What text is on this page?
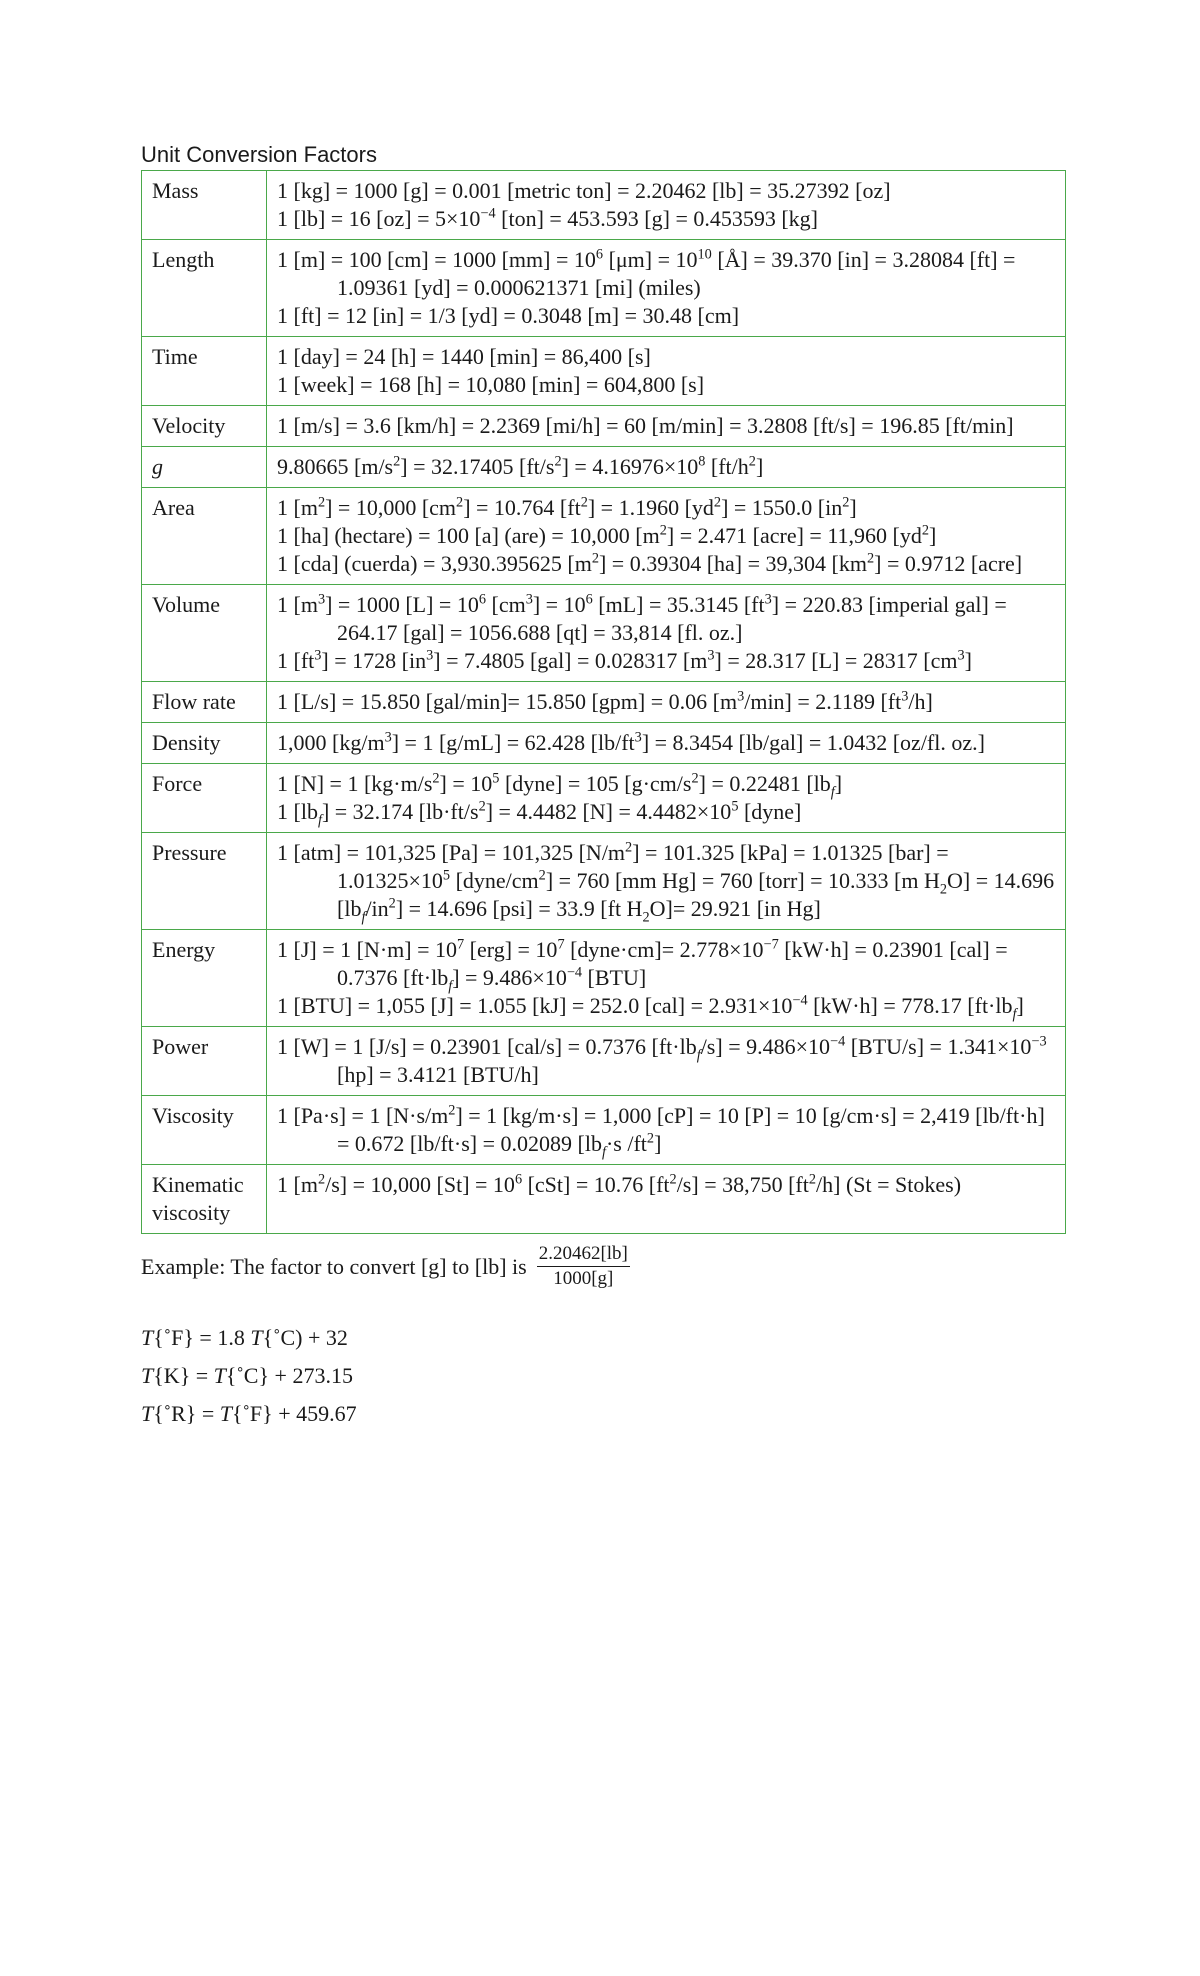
Unit Conversion Factors
Mass	1 [kg] = 1000 [g] = 0.001 [metric ton] = 2.20462 [lb] = 35.27392 [oz]
1 [lb] = 16 $[oz] = 5\times 10^{-4}$ [ton] = 453.593 [g] = 0.453593 [kg]

Length	1 [m] = 100 [cm] = 1000 $[mm] = 10^6$ $[\mu m] = 10^{10}$ [Å] = 39.370 [in] = 3.28084 [ft] = 1.09361 [yd] = 0.000621371 [mi] (miles)
1 [ft] = 12 [in] = 1/3 [yd] = 0.3048 [m] = 30.48 [cm]

Time	1 [day] = 24 [h] = 1440 [min] = 86,400 [s]
1 [week] = 168 [h] = 10,080 [min] = 604,800 [s]

Velocity	1 [m/s] = 3.6 [km/h] = 2.2369 [mi/h] = 60 [m/min] = 3.2808 [ft/s] = 196.85 [ft/min]

g	9.80665 $[m/s^2] = 32.17405$ $[ft/s^2] = 4.16976\times 10^8$ $[ft/h^2]$

Area	1 $[m^2] = 10,000$ $[cm^2] = 10.764$ $[ft^2] = 1.1960$ $[yd^2] = 1550.0$ $[in^2]$
1 [ha] (hectare) = 100 [a] (are) = 10,000 $[m^2] = 2.471$ [acre] = 11,960 $[yd^2]$
1 [cda] (cuerda) = 3,930.395625 $[m^2] = 0.39304$ [ha] = 39,304 $[km^2] = 0.9712$ [acre]

Volume	1 $[m^3] = 1000$ $[L] = 10^6$ $[cm^3] = 10^6$ [mL] = 35.3145 $[ft^3] = 220.83$ [imperial gal] = 264.17 [gal] = 1056.688 [qt] = 33,814 [fl. oz.]
1 $[ft^3] = 1728$ $[in^3] = 7.4805$ [gal] = 0.028317 $[m^3] = 28.317$ [L] = 28317 $[cm^3]$

Flow rate	1 [L/s] = 15.850 [gal/min]= 15.850 [gpm] = 0.06 $[m^3/\min] = 2.1189$ $[ft^3/h]$

Density	1,000 $[kg/m^3] = 1$ [g/mL] = 62.428 $[lb/ft^3] = 8.3454$ [lb/gal] = 1.0432 [oz/fl. oz.]

Force	1 [N] = 1 $[kg\cdot m/s^2] = 10^5$ [dyne] = 105 $[g\cdot cm/s^2] = 0.22481$ $[lb_f]$
1 $[lb_f] = 32.174$ $[lb\cdot ft/s^2] = 4.4482$ $[N] = 4.4482\times 10^5$ [dyne]

Pressure	1 [atm] = 101,325 [Pa] = 101,325 $[N/m^2] = 101.325$ [kPa] = 1.01325 $[bar] = 1.01325\times 10^5$ $[dyne/cm^2] = 760$ [mm Hg] = 760 [torr] = 10.333 [m $H_2O] = 14.696$ $[lb_f/in^2] = 14.696$ [psi] = 33.9 [ft $H_2O]= 29.921$ [in Hg]

Energy	1 [J] = 1 $[N\cdot m] = 10^7$ $[erg] = 10^7$ [dyne·cm]= $2.778\times 10^{-7}$ [kW·h] = 0.23901 [cal] = 0.7376 $[ft\cdot lb_f] = 9.486\times 10^{-4}$ [BTU]
1 [BTU] = 1,055 [J] = 1.055 [kJ] = 252.0 $[cal] = 2.931\times 10^{-4}$ [kW·h] = 778.17 $[ft\cdot lb_f]$

Power	1 [W] = 1 [J/s] = 0.23901 [cal/s] = 0.7376 $[ft\cdot lb_f/s] = 9.486\times 10^{-4}$ $[BTU/s] = 1.341\times 10^{-3}$ [hp] = 3.4121 [BTU/h]

Viscosity	1 [Pa·s] = 1 $[N\cdot s/m^2] = 1$ [kg/m·s] = 1,000 [cP] = 10 [P] = 10 [g/cm·s] = 2,419 [lb/ft·h] = 0.672 [lb/ft·s] = 0.02089 [$lb_f\cdot s$ $/ft^2$]

Kinematic viscosity	1 $[m^2/s] = 10,000$ $[St] = 10^6$ [cSt] = 10.76 $[ft^2/s] = 38,750$ $[ft^2/h] (St$ = Stokes)
Example: The factor to convert [g] to [lb] is $\frac{2.20462[lb]}{1000[g]}$
T{˚F} = 1.8 T{˚C) + 32
T{K} = T{˚C} + 273.15
T{˚R} = T{˚F} + 459.67
